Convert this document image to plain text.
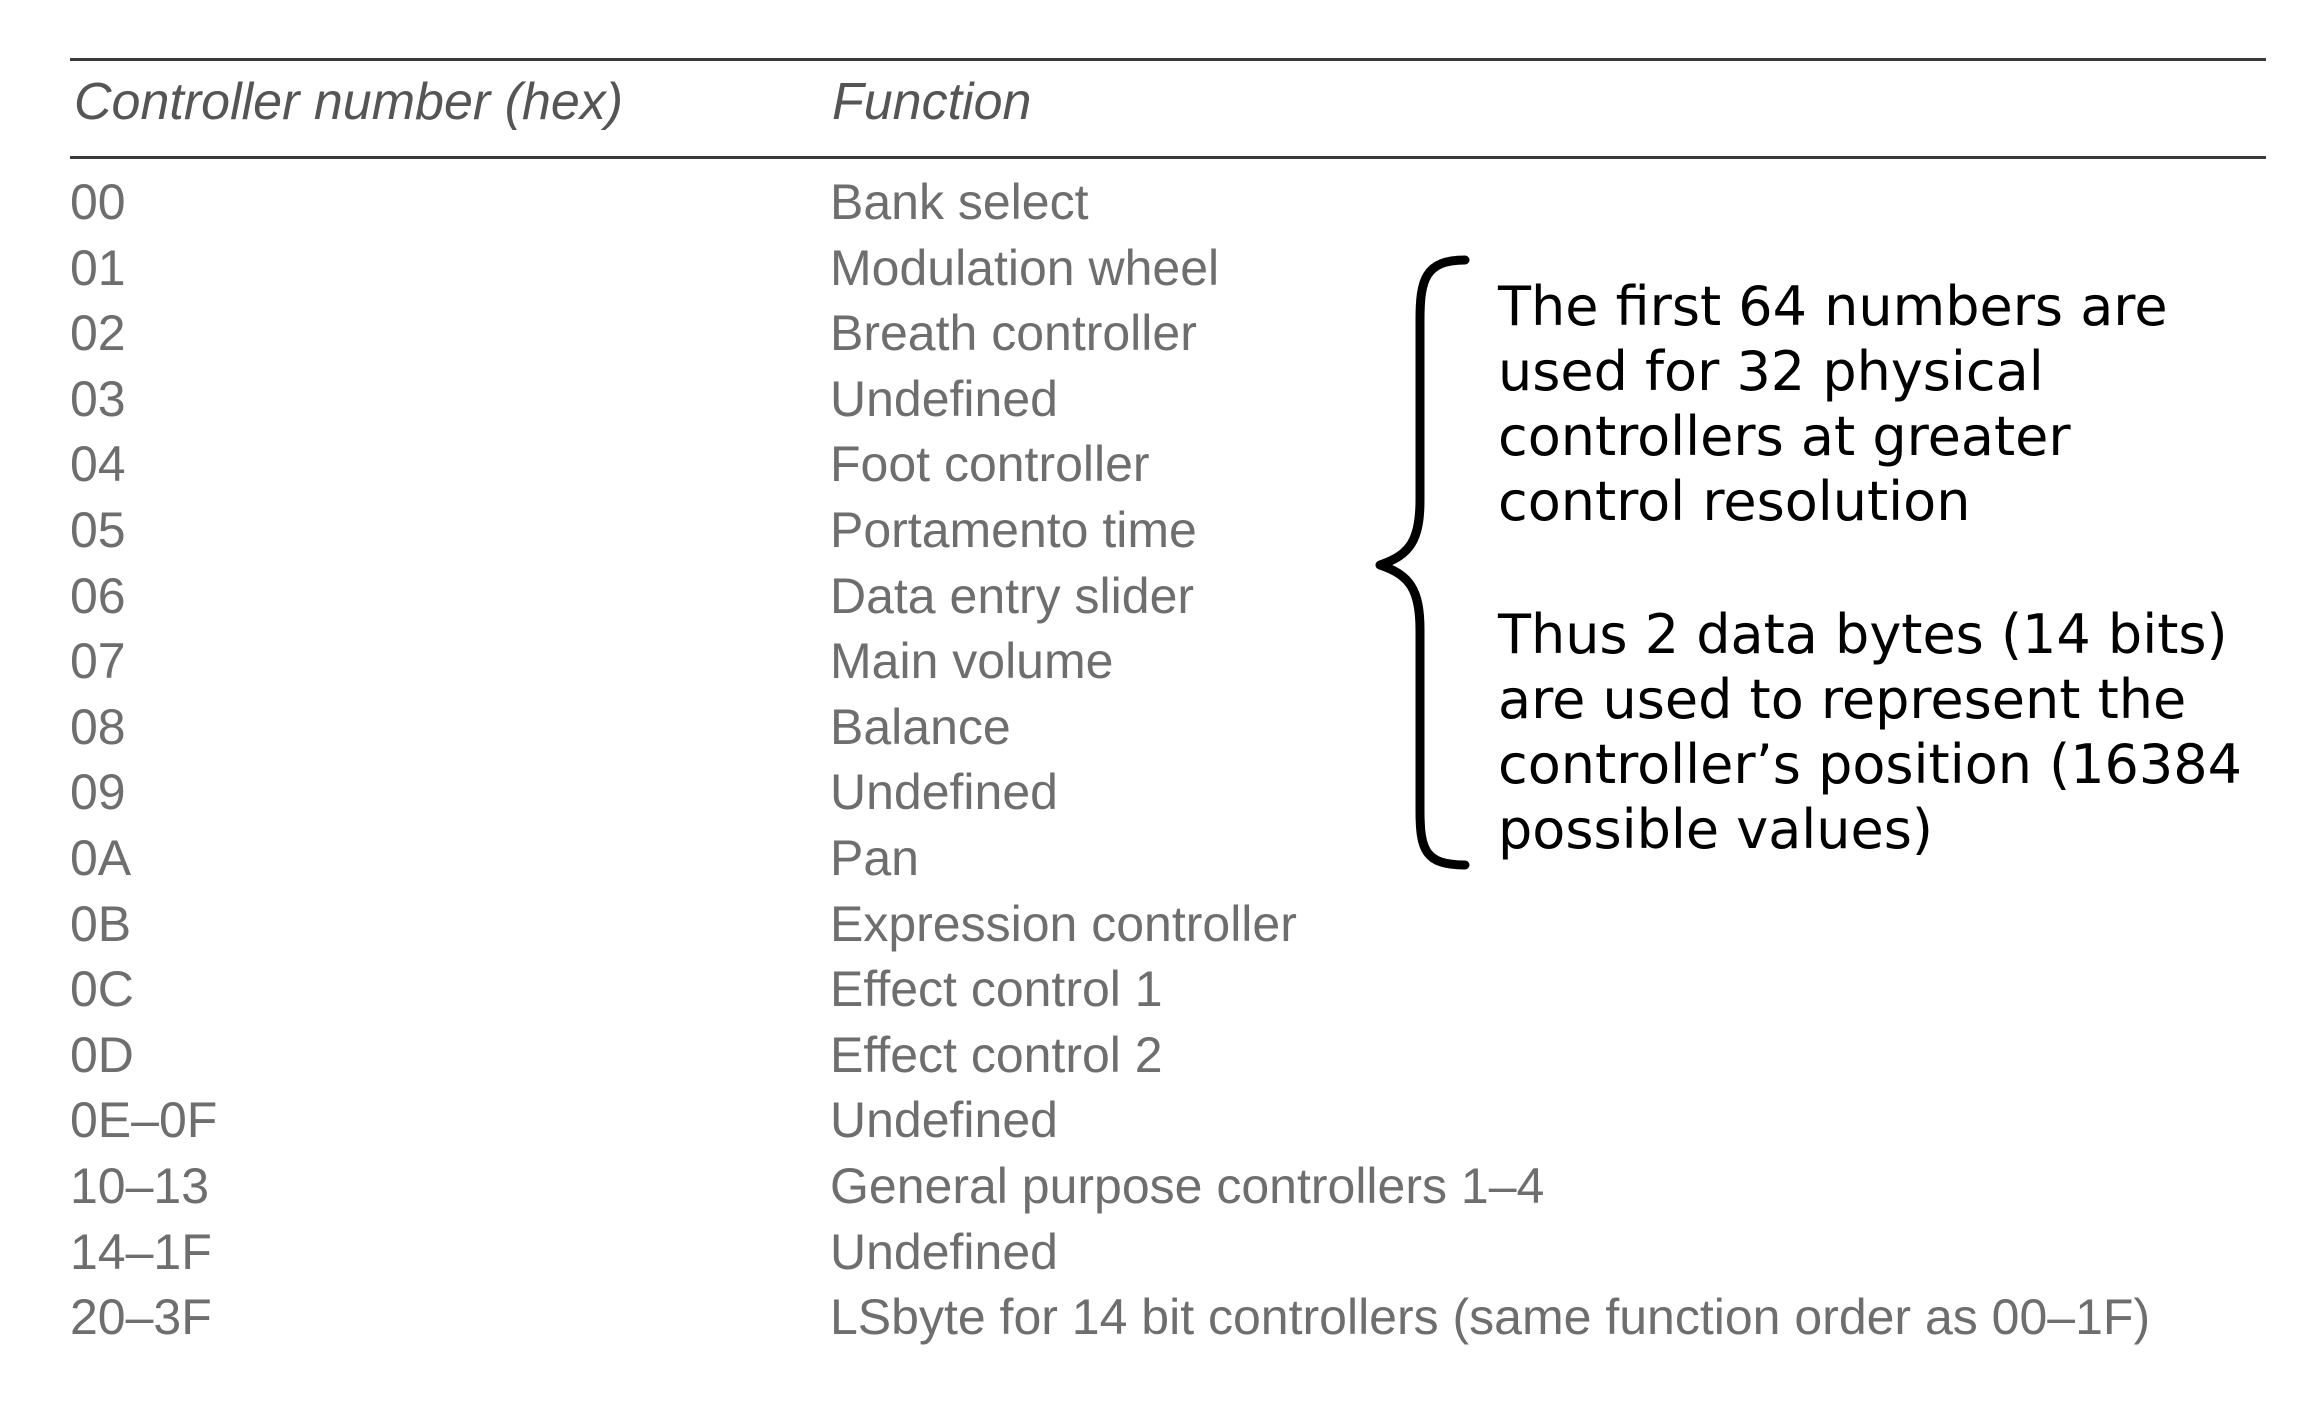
Controller number (hex)	Function
00	Bank select
01	Modulation wheel
02	Breath controller
03	Undefined
04	Foot controller
05	Portamento time
06	Data entry slider
07	Main volume
08	Balance
09	Undefined
0A	Pan
0B	Expression controller
0C	Effect control 1
0D	Effect control 2
0E–0F	Undefined
10–13	General purpose controllers 1–4
14–1F	Undefined
20–3F	LSbyte for 14 bit controllers (same function order as 00–1F)
The first 64 numbers are used for 32 physical controllers at greater control resolution
Thus 2 data bytes (14 bits) are used to represent the controller’s position (16384 possible values)
